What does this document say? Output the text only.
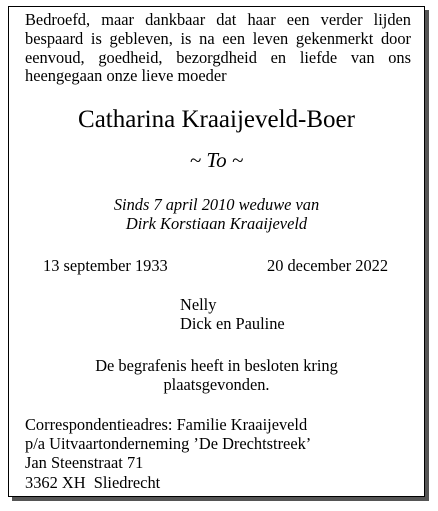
Bedroefd, maar dankbaar dat haar een verder lijden bespaard is gebleven, is na een leven gekenmerkt door eenvoud, goedheid, bezorgdheid en liefde van ons heengegaan onze lieve moeder

Catharina Kraaijeveld-Boer

~ To ~

Sinds 7 april 2010 weduwe van
Dirk Korstiaan Kraaijeveld

13 september 1933	20 december 2022

Nelly
Dick en Pauline

De begrafenis heeft in besloten kring
plaatsgevonden.

Correspondentieadres: Familie Kraaijeveld
p/a Uitvaartonderneming ’De Drechtstreek’
Jan Steenstraat 71
3362 XH  Sliedrecht
